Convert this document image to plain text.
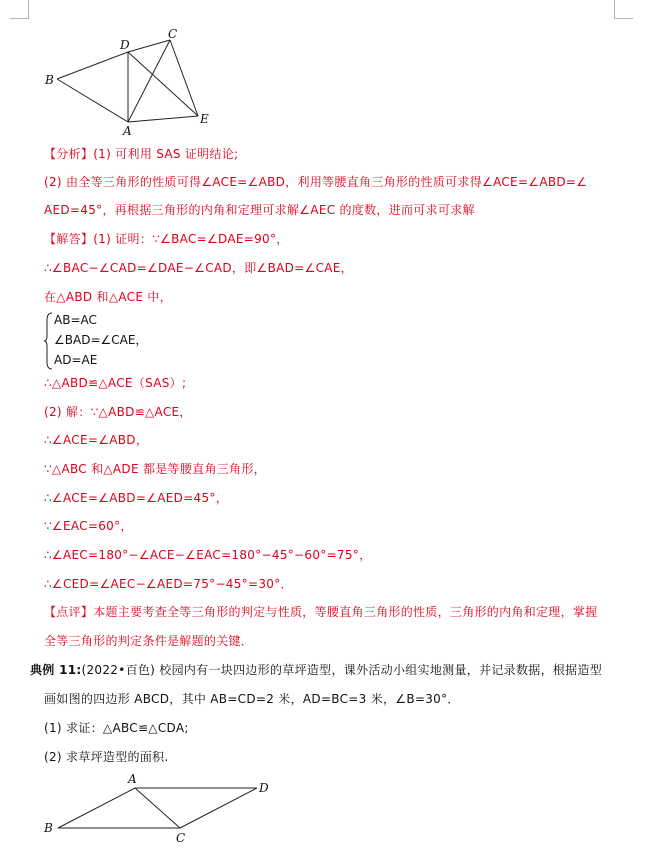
B
D
C
A
E
【分析】(1) 可利用 SAS 证明结论;
(2) 由全等三角形的性质可得∠ACE=∠ABD，利用等腰直角三角形的性质可求得∠ACE=∠ABD=∠
AED=45°，再根据三角形的内角和定理可求解∠AEC 的度数，进而可求可求解
【解答】(1) 证明：∵∠BAC=∠DAE=90°，
∴∠BAC−∠CAD=∠DAE−∠CAD，即∠BAD=∠CAE，
在△ABD 和△ACE 中，
AB=AC
∠BAD=∠CAE，
AD=AE
∴△ABD≌△ACE（SAS）;
(2) 解：∵△ABD≌△ACE，
∴∠ACE=∠ABD，
∵△ABC 和△ADE 都是等腰直角三角形，
∴∠ACE=∠ABD=∠AED=45°，
∵∠EAC=60°，
∴∠AEC=180°−∠ACE−∠EAC=180°−45°−60°=75°，
∴∠CED=∠AEC−∠AED=75°−45°=30°．
【点评】本题主要考查全等三角形的判定与性质，等腰直角三角形的性质，三角形的内角和定理，掌握
全等三角形的判定条件是解题的关键．
典例 11:(2022•百色) 校园内有一块四边形的草坪造型，课外活动小组实地测量，并记录数据，根据造型
画如图的四边形 ABCD，其中 AB=CD=2 米，AD=BC=3 米，∠B=30°．
(1) 求证：△ABC≌△CDA;
(2) 求草坪造型的面积.
A
D
B
C
